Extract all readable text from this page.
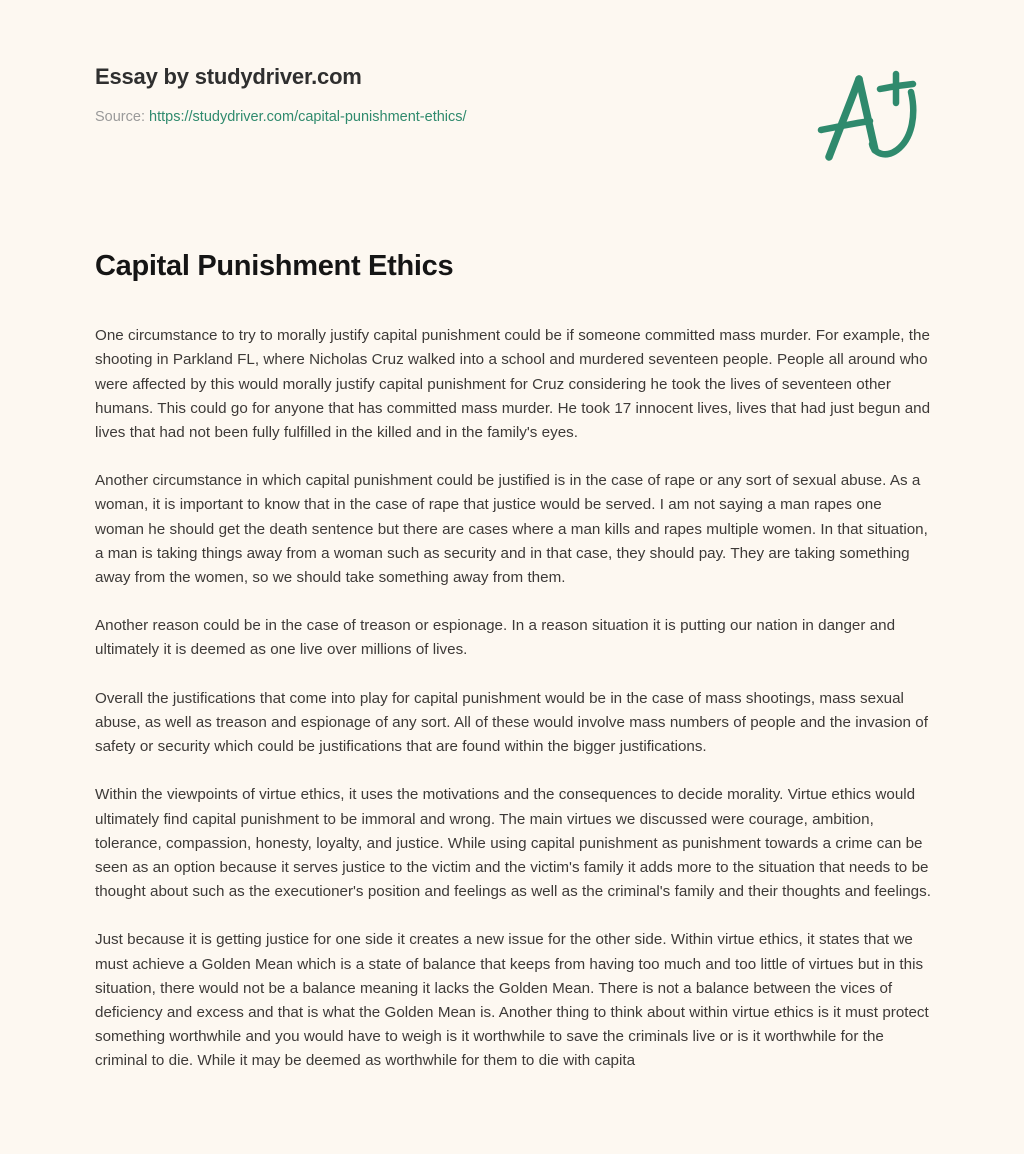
Essay by studydriver.com
Source: https://studydriver.com/capital-punishment-ethics/
Capital Punishment Ethics

One circumstance to try to morally justify capital punishment could be if someone committed mass murder. For example, the shooting in Parkland FL, where Nicholas Cruz walked into a school and murdered seventeen people. People all around who were affected by this would morally justify capital punishment for Cruz considering he took the lives of seventeen other humans. This could go for anyone that has committed mass murder. He took 17 innocent lives, lives that had just begun and lives that had not been fully fulfilled in the killed and in the family's eyes.

Another circumstance in which capital punishment could be justified is in the case of rape or any sort of sexual abuse. As a woman, it is important to know that in the case of rape that justice would be served. I am not saying a man rapes one woman he should get the death sentence but there are cases where a man kills and rapes multiple women. In that situation, a man is taking things away from a woman such as security and in that case, they should pay. They are taking something away from the women, so we should take something away from them.

Another reason could be in the case of treason or espionage. In a reason situation it is putting our nation in danger and ultimately it is deemed as one live over millions of lives.

Overall the justifications that come into play for capital punishment would be in the case of mass shootings, mass sexual abuse, as well as treason and espionage of any sort. All of these would involve mass numbers of people and the invasion of safety or security which could be justifications that are found within the bigger justifications.

Within the viewpoints of virtue ethics, it uses the motivations and the consequences to decide morality. Virtue ethics would ultimately find capital punishment to be immoral and wrong. The main virtues we discussed were courage, ambition, tolerance, compassion, honesty, loyalty, and justice. While using capital punishment as punishment towards a crime can be seen as an option because it serves justice to the victim and the victim's family it adds more to the situation that needs to be thought about such as the executioner's position and feelings as well as the criminal's family and their thoughts and feelings.

Just because it is getting justice for one side it creates a new issue for the other side. Within virtue ethics, it states that we must achieve a Golden Mean which is a state of balance that keeps from having too much and too little of virtues but in this situation, there would not be a balance meaning it lacks the Golden Mean. There is not a balance between the vices of deficiency and excess and that is what the Golden Mean is. Another thing to think about within virtue ethics is it must protect something worthwhile and you would have to weigh is it worthwhile to save the criminals live or is it worthwhile for the criminal to die. While it may be deemed as worthwhile for them to die with capita
